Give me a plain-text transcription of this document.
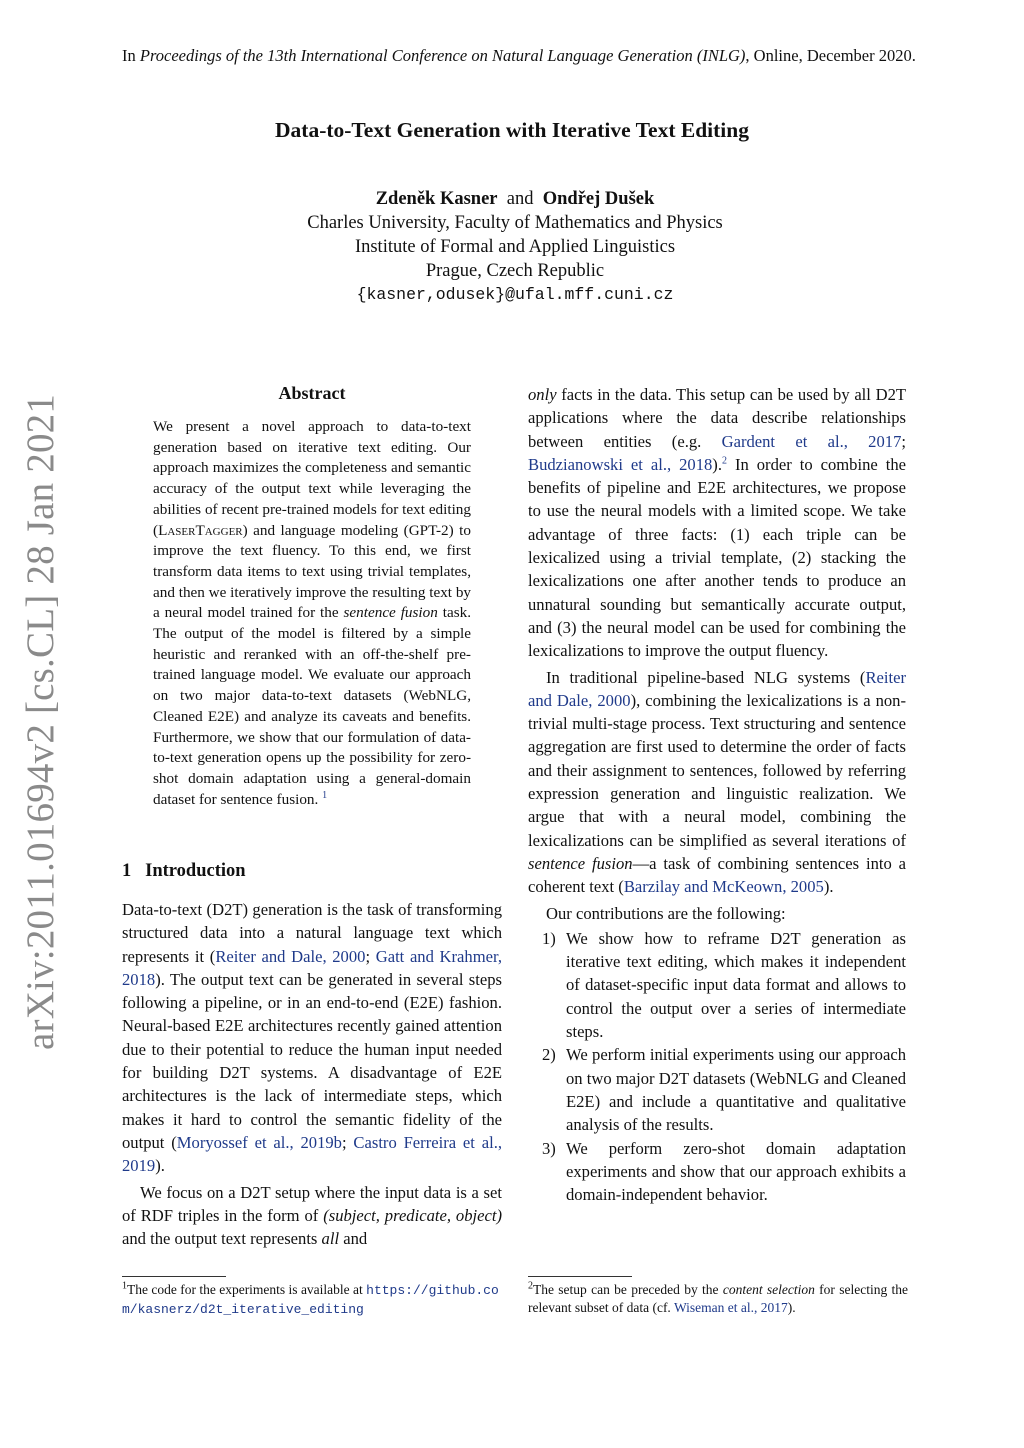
In Proceedings of the 13th International Conference on Natural Language Generation (INLG), Online, December 2020.
Data-to-Text Generation with Iterative Text Editing
Zdeněk Kasner and Ondřej Dušek
Charles University, Faculty of Mathematics and Physics
Institute of Formal and Applied Linguistics
Prague, Czech Republic
{kasner,odusek}@ufal.mff.cuni.cz
arXiv:2011.01694v2 [cs.CL] 28 Jan 2021
Abstract
We present a novel approach to data-to-text generation based on iterative text editing. Our approach maximizes the completeness and semantic accuracy of the output text while leveraging the abilities of recent pre-trained models for text editing (LaserTagger) and language modeling (GPT-2) to improve the text fluency. To this end, we first transform data items to text using trivial templates, and then we iteratively improve the resulting text by a neural model trained for the sentence fusion task. The output of the model is filtered by a simple heuristic and reranked with an off-the-shelf pre-trained language model. We evaluate our approach on two major data-to-text datasets (WebNLG, Cleaned E2E) and analyze its caveats and benefits. Furthermore, we show that our formulation of data-to-text generation opens up the possibility for zero-shot domain adaptation using a general-domain dataset for sentence fusion. $^1$
1 Introduction

Data-to-text (D2T) generation is the task of transforming structured data into a natural language text which represents it (Reiter and Dale, 2000; Gatt and Krahmer, 2018). The output text can be generated in several steps following a pipeline, or in an end-to-end (E2E) fashion. Neural-based E2E architectures recently gained attention due to their potential to reduce the human input needed for building D2T systems. A disadvantage of E2E architectures is the lack of intermediate steps, which makes it hard to control the semantic fidelity of the output (Moryossef et al., 2019b; Castro Ferreira et al., 2019).

We focus on a D2T setup where the input data is a set of RDF triples in the form of (subject, predicate, object) and the output text represents all and

$^1$The code for the experiments is available at https://github.com/kasnerz/d2t_iterative_editing

only facts in the data. This setup can be used by all D2T applications where the data describe relationships between entities (e.g. Gardent et al., 2017; Budzianowski et al., 2018).$^2$ In order to combine the benefits of pipeline and E2E architectures, we propose to use the neural models with a limited scope. We take advantage of three facts: (1) each triple can be lexicalized using a trivial template, (2) stacking the lexicalizations one after another tends to produce an unnatural sounding but semantically accurate output, and (3) the neural model can be used for combining the lexicalizations to improve the output fluency.

In traditional pipeline-based NLG systems (Reiter and Dale, 2000), combining the lexicalizations is a non-trivial multi-stage process. Text structuring and sentence aggregation are first used to determine the order of facts and their assignment to sentences, followed by referring expression generation and linguistic realization. We argue that with a neural model, combining the lexicalizations can be simplified as several iterations of sentence fusion—a task of combining sentences into a coherent text (Barzilay and McKeown, 2005).

Our contributions are the following:

1) We show how to reframe D2T generation as iterative text editing, which makes it independent of dataset-specific input data format and allows to control the output over a series of intermediate steps.
2) We perform initial experiments using our approach on two major D2T datasets (WebNLG and Cleaned E2E) and include a quantitative and qualitative analysis of the results.
3) We perform zero-shot domain adaptation experiments and show that our approach exhibits a domain-independent behavior.
$^2$The setup can be preceded by the content selection for selecting the relevant subset of data (cf. Wiseman et al., 2017).
